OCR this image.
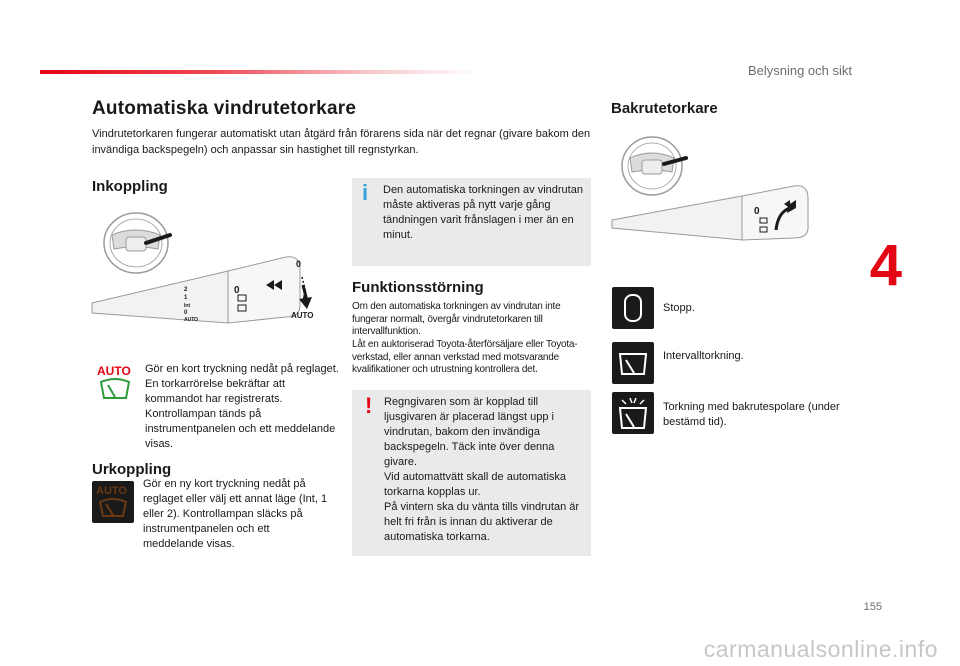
Belysning och sikt
4
Automatiska vindrutetorkare
Vindrutetorkaren fungerar automatiskt utan åtgärd från förarens sida när det regnar (givare bakom den invändiga backspegeln) och anpassar sin hastighet till regnstyrkan.
Inkoppling
2
1
Int
0
AUTO
0
0
AUTO
AUTO Gör en kort tryckning nedåt på reglaget. En torkarrörelse bekräftar att kommandot har registrerats. Kontrollampan tänds på instrumentpanelen och ett meddelande visas.
Urkoppling
AUTO
Gör en ny kort tryckning nedåt på reglaget eller välj ett annat läge (Int, 1 eller 2). Kontrollampan släcks på instrumentpanelen och ett meddelande visas.
i Den automatiska torkningen av vindrutan måste aktiveras på nytt varje gång tändningen varit frånslagen i mer än en minut.
Funktionsstörning
Om den automatiska torkningen av vindrutan inte fungerar normalt, övergår vindrutetorkaren till intervallfunktion.
Låt en auktoriserad Toyota-återförsäljare eller Toyota-verkstad, eller annan verkstad med motsvarande kvalifikationer och utrustning kontrollera det.
! Regngivaren som är kopplad till ljusgivaren är placerad längst upp i vindrutan, bakom den invändiga backspegeln. Täck inte över denna givare.
Vid automattvätt skall de automatiska torkarna kopplas ur.
På vintern ska du vänta tills vindrutan är helt fri från is innan du aktiverar de automatiska torkarna.
Bakrutetorkare
0
Stopp.
Intervalltorkning.
Torkning med bakrutespolare (under bestämd tid).
155
carmanualsonline.info
